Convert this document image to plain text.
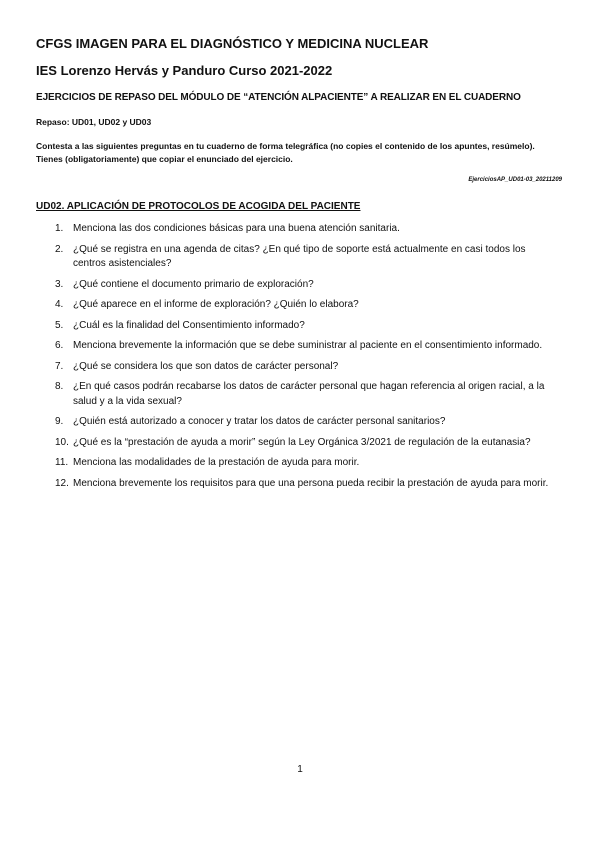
CFGS IMAGEN PARA EL DIAGNÓSTICO Y MEDICINA NUCLEAR
IES Lorenzo Hervás y Panduro Curso 2021-2022
EJERCICIOS DE REPASO DEL MÓDULO DE “ATENCIÓN ALPACIENTE” A REALIZAR EN EL CUADERNO
Repaso: UD01, UD02 y UD03
Contesta a las siguientes preguntas en tu cuaderno de forma telegráfica (no copies el contenido de los apuntes, resúmelo). Tienes (obligatoriamente) que copiar el enunciado del ejercicio.
EjerciciosAP_UD01-03_20211209
UD02. APLICACIÓN DE PROTOCOLOS DE ACOGIDA DEL PACIENTE
1. Menciona las dos condiciones básicas para una buena atención sanitaria.
2. ¿Qué se registra en una agenda de citas? ¿En qué tipo de soporte está actualmente en casi todos los centros asistenciales?
3. ¿Qué contiene el documento primario de exploración?
4. ¿Qué aparece en el informe de exploración? ¿Quién lo elabora?
5. ¿Cuál es la finalidad del Consentimiento informado?
6. Menciona brevemente la información que se debe suministrar al paciente en el consentimiento informado.
7. ¿Qué se considera los que son datos de carácter personal?
8. ¿En qué casos podrán recabarse los datos de carácter personal que hagan referencia al origen racial, a la salud y a la vida sexual?
9. ¿Quién está autorizado a conocer y tratar los datos de carácter personal sanitarios?
10. ¿Qué es la “prestación de ayuda a morir” según la Ley Orgánica 3/2021 de regulación de la eutanasia?
11. Menciona las modalidades de la prestación de ayuda para morir.
12. Menciona brevemente los requisitos para que una persona pueda recibir la prestación de ayuda para morir.
1
